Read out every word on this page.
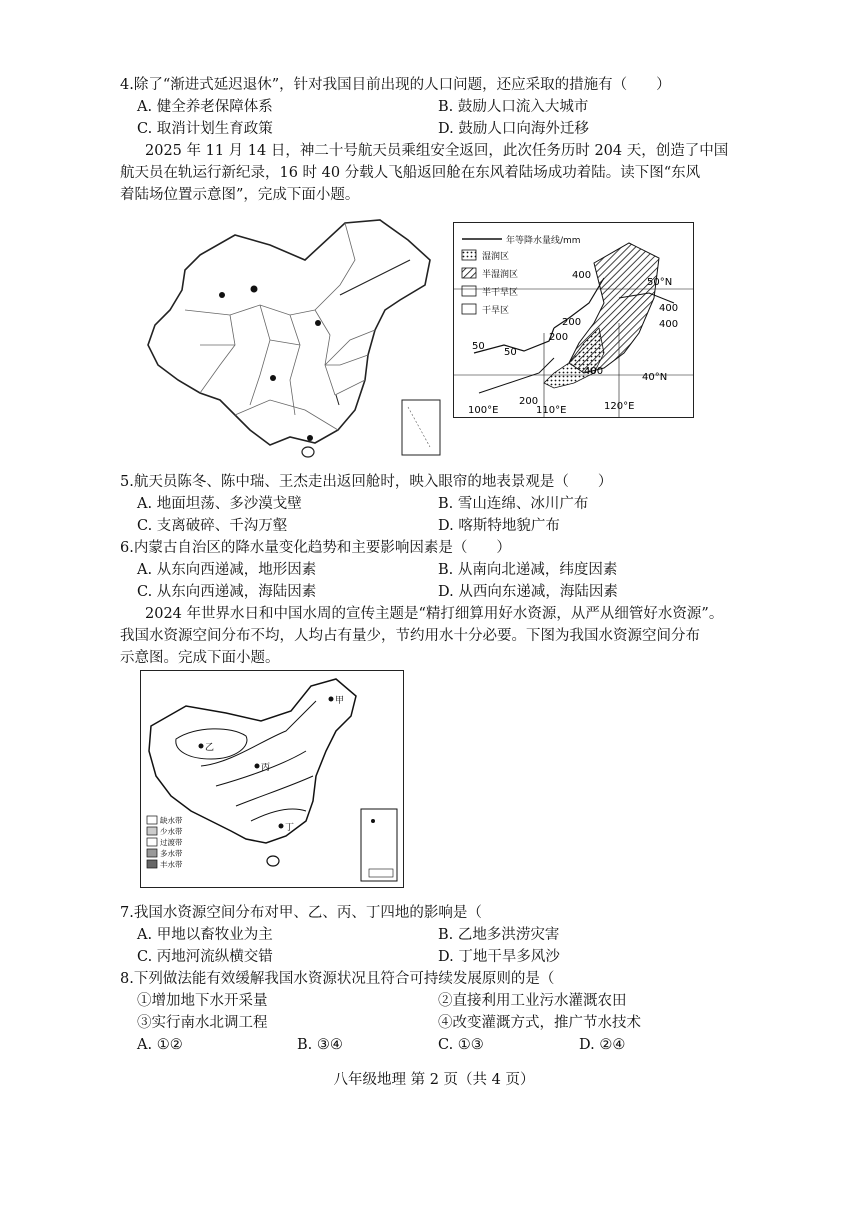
4.除了“渐进式延迟退休”，针对我国目前出现的人口问题，还应采取的措施有（　　）
A. 健全养老保障体系	B. 鼓励人口流入大城市
C. 取消计划生育政策	D. 鼓励人口向海外迁移
2025 年 11 月 14 日，神二十号航天员乘组安全返回，此次任务历时 204 天，创造了中国
航天员在轨运行新纪录，16 时 40 分载人飞船返回舱在东风着陆场成功着陆。读下图“东风
着陆场位置示意图”，完成下面小题。
年等降水量线/mm
湿润区
半湿润区
半干旱区
干旱区
400
400
400
200
50
200
400
50
200
50°N
40°N
100°E	110°E	120°E
5.航天员陈冬、陈中瑞、王杰走出返回舱时，映入眼帘的地表景观是（　　）
A. 地面坦荡、多沙漠戈壁	B. 雪山连绵、冰川广布
C. 支离破碎、千沟万壑	D. 喀斯特地貌广布
6.内蒙古自治区的降水量变化趋势和主要影响因素是（　　）
A. 从东向西递减，地形因素	B. 从南向北递减，纬度因素
C. 从东向西递减，海陆因素	D. 从西向东递减，海陆因素
2024 年世界水日和中国水周的宣传主题是“精打细算用好水资源，从严从细管好水资源”。
我国水资源空间分布不均，人均占有量少，节约用水十分必要。下图为我国水资源空间分布
示意图。完成下面小题。
甲
乙
丙
丁
缺水带
少水带
过渡带
多水带
丰水带
7.我国水资源空间分布对甲、乙、丙、丁四地的影响是（
A. 甲地以畜牧业为主	B. 乙地多洪涝灾害
C. 丙地河流纵横交错	D. 丁地干旱多风沙
8.下列做法能有效缓解我国水资源状况且符合可持续发展原则的是（
①增加地下水开采量	②直接利用工业污水灌溉农田
③实行南水北调工程	④改变灌溉方式，推广节水技术
A. ①②	B. ③④	C. ①③	D. ②④
八年级地理 第 2 页（共 4 页）
